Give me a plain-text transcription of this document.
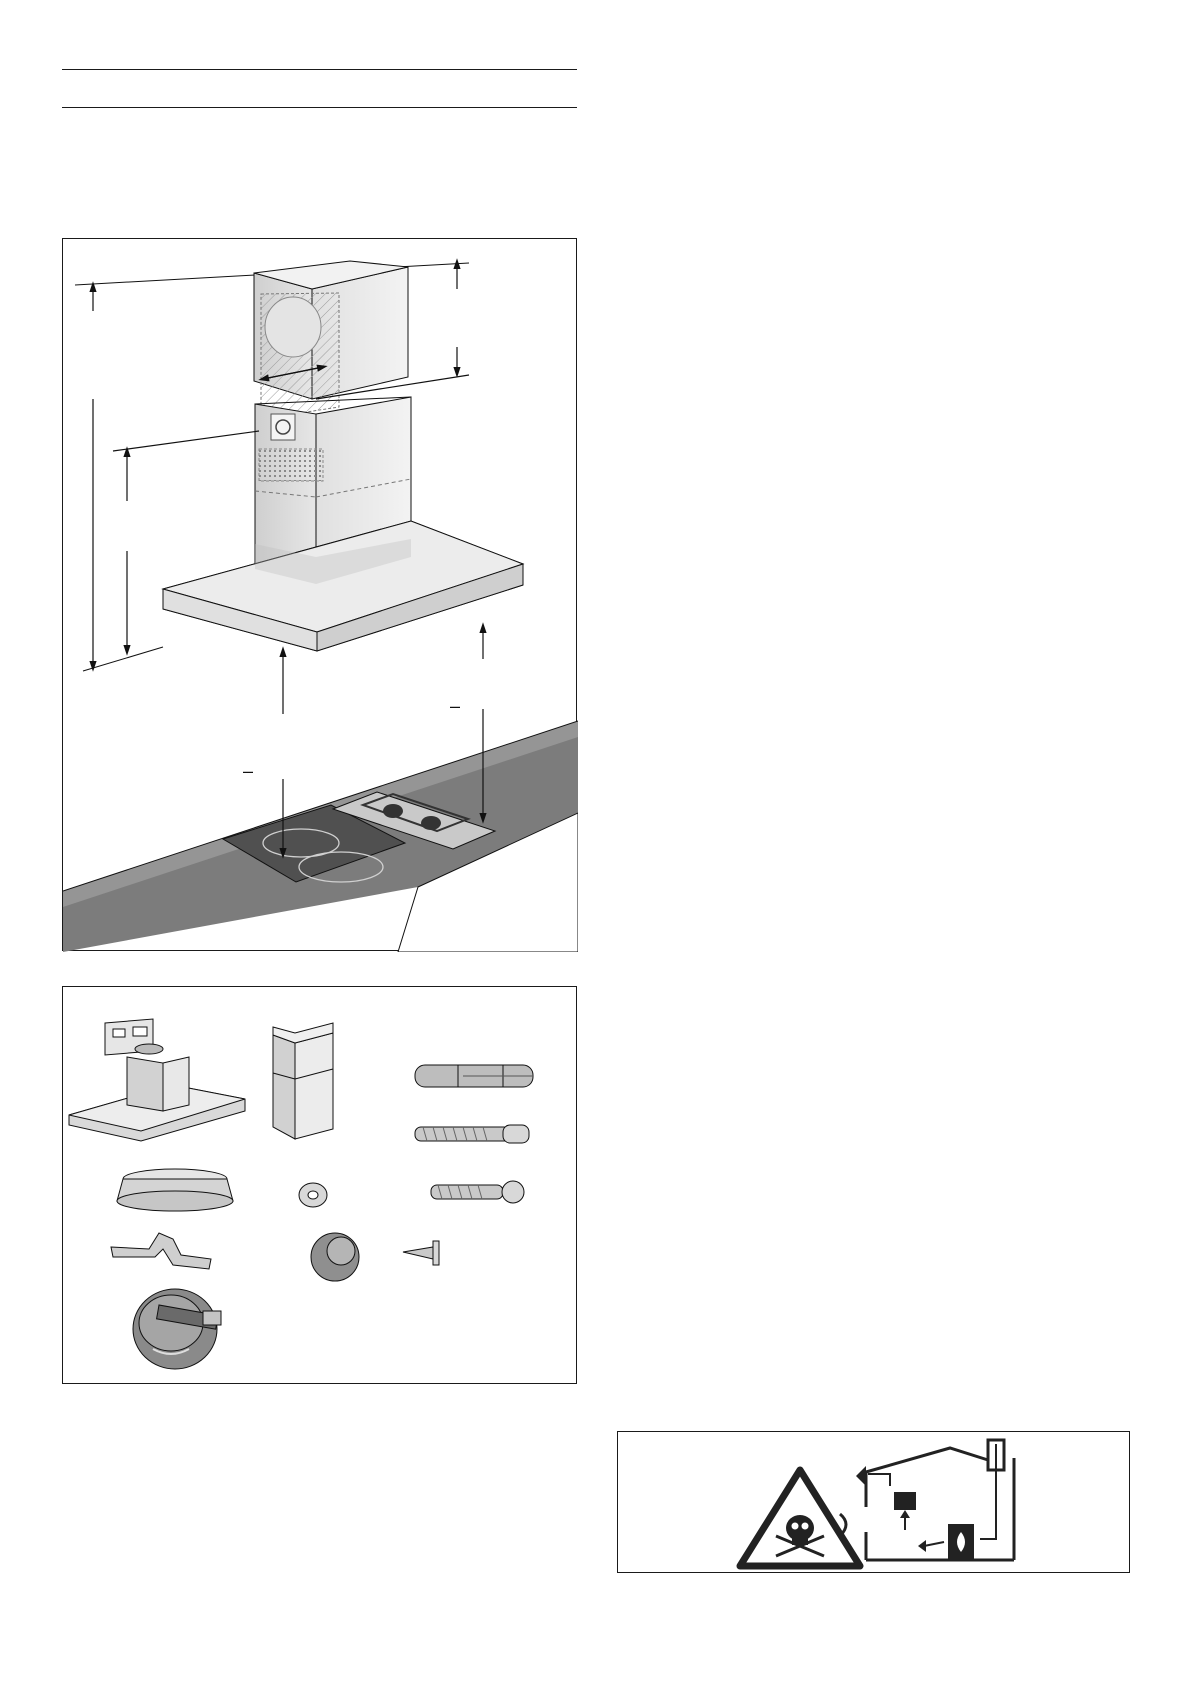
–
–
